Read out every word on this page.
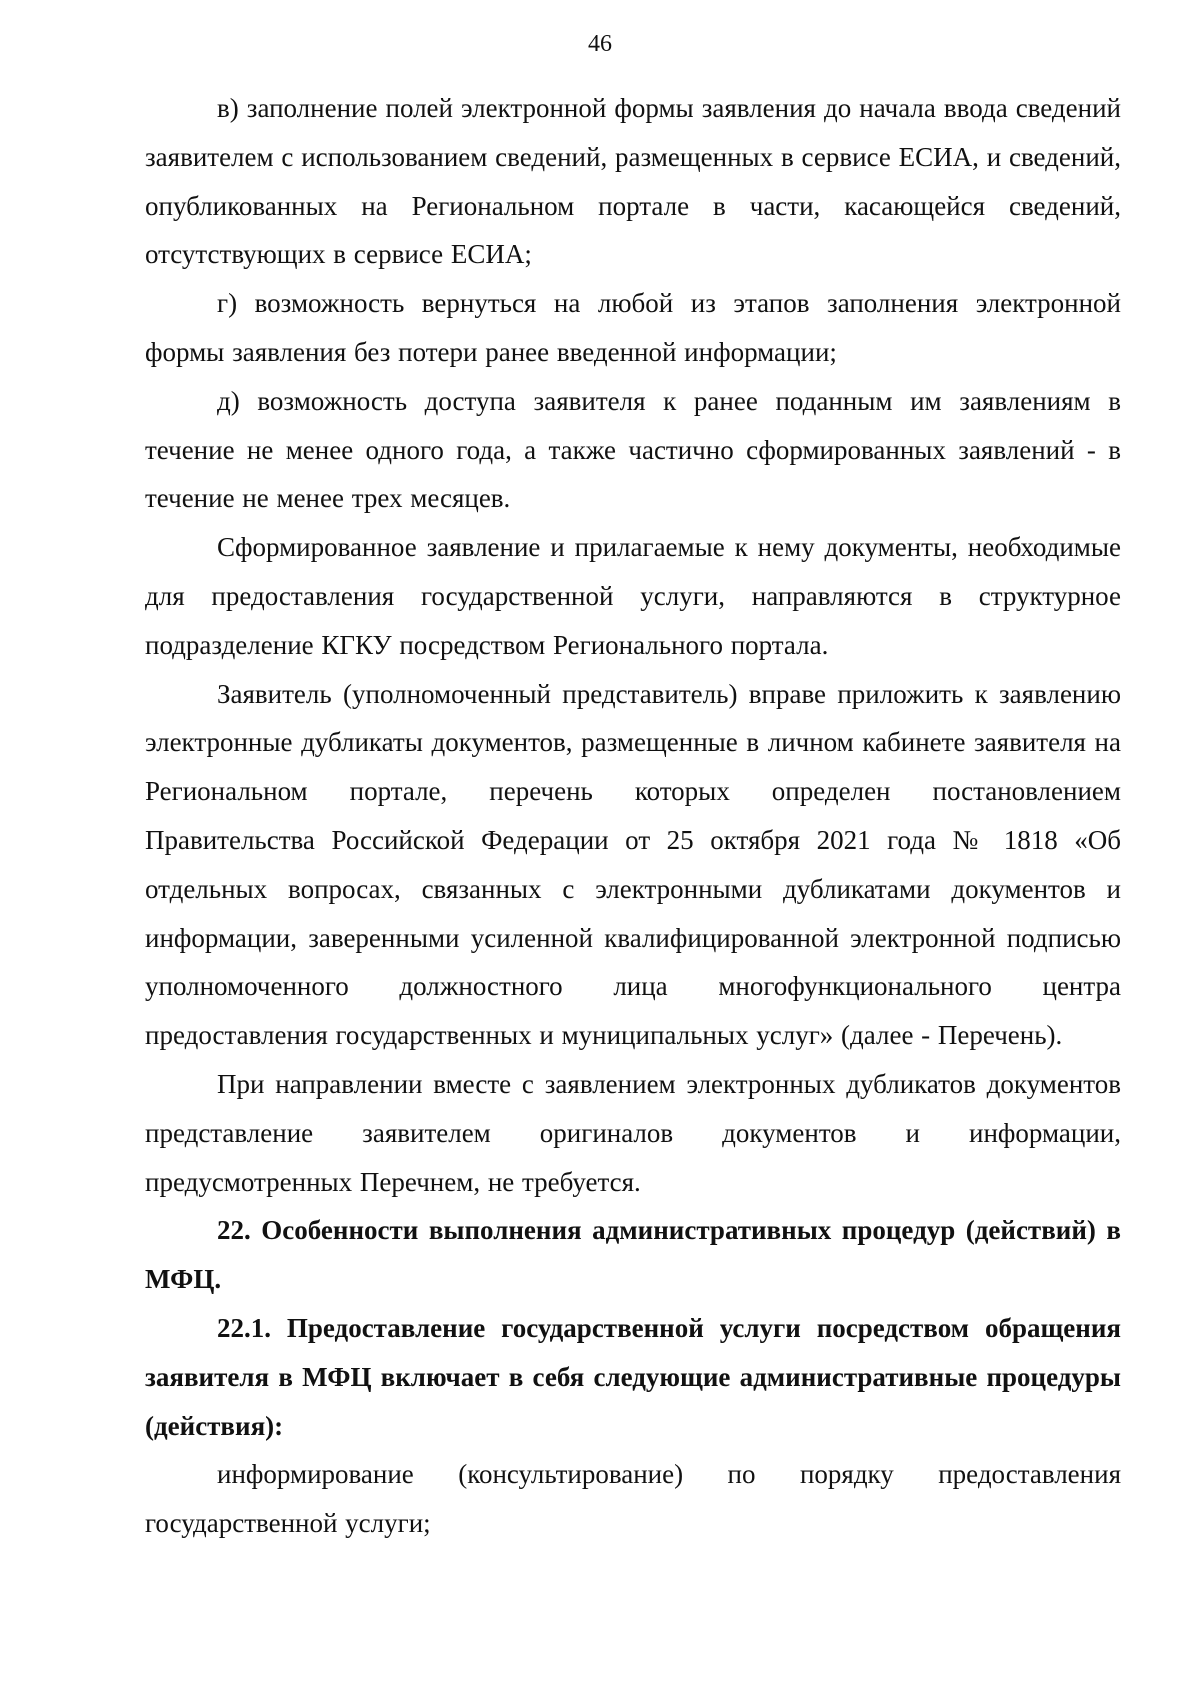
46

в) заполнение полей электронной формы заявления до начала ввода сведений заявителем с использованием сведений, размещенных в сервисе ЕСИА, и сведений, опубликованных на Региональном портале в части, касающейся сведений, отсутствующих в сервисе ЕСИА;

г) возможность вернуться на любой из этапов заполнения электронной формы заявления без потери ранее введенной информации;

д) возможность доступа заявителя к ранее поданным им заявлениям в течение не менее одного года, а также частично сформированных заявлений - в течение не менее трех месяцев.

Сформированное заявление и прилагаемые к нему документы, необходимые для предоставления государственной услуги, направляются в структурное подразделение КГКУ посредством Регионального портала.

Заявитель (уполномоченный представитель) вправе приложить к заявлению электронные дубликаты документов, размещенные в личном кабинете заявителя на Региональном портале, перечень которых определен постановлением Правительства Российской Федерации от 25 октября 2021 года № 1818 «Об отдельных вопросах, связанных с электронными дубликатами документов и информации, заверенными усиленной квалифицированной электронной подписью уполномоченного должностного лица многофункционального центра предоставления государственных и муниципальных услуг» (далее - Перечень).

При направлении вместе с заявлением электронных дубликатов документов представление заявителем оригиналов документов и информации, предусмотренных Перечнем, не требуется.

22. Особенности выполнения административных процедур (действий) в МФЦ.

22.1. Предоставление государственной услуги посредством обращения заявителя в МФЦ включает в себя следующие административные процедуры (действия):

информирование (консультирование) по порядку предоставления государственной услуги;
